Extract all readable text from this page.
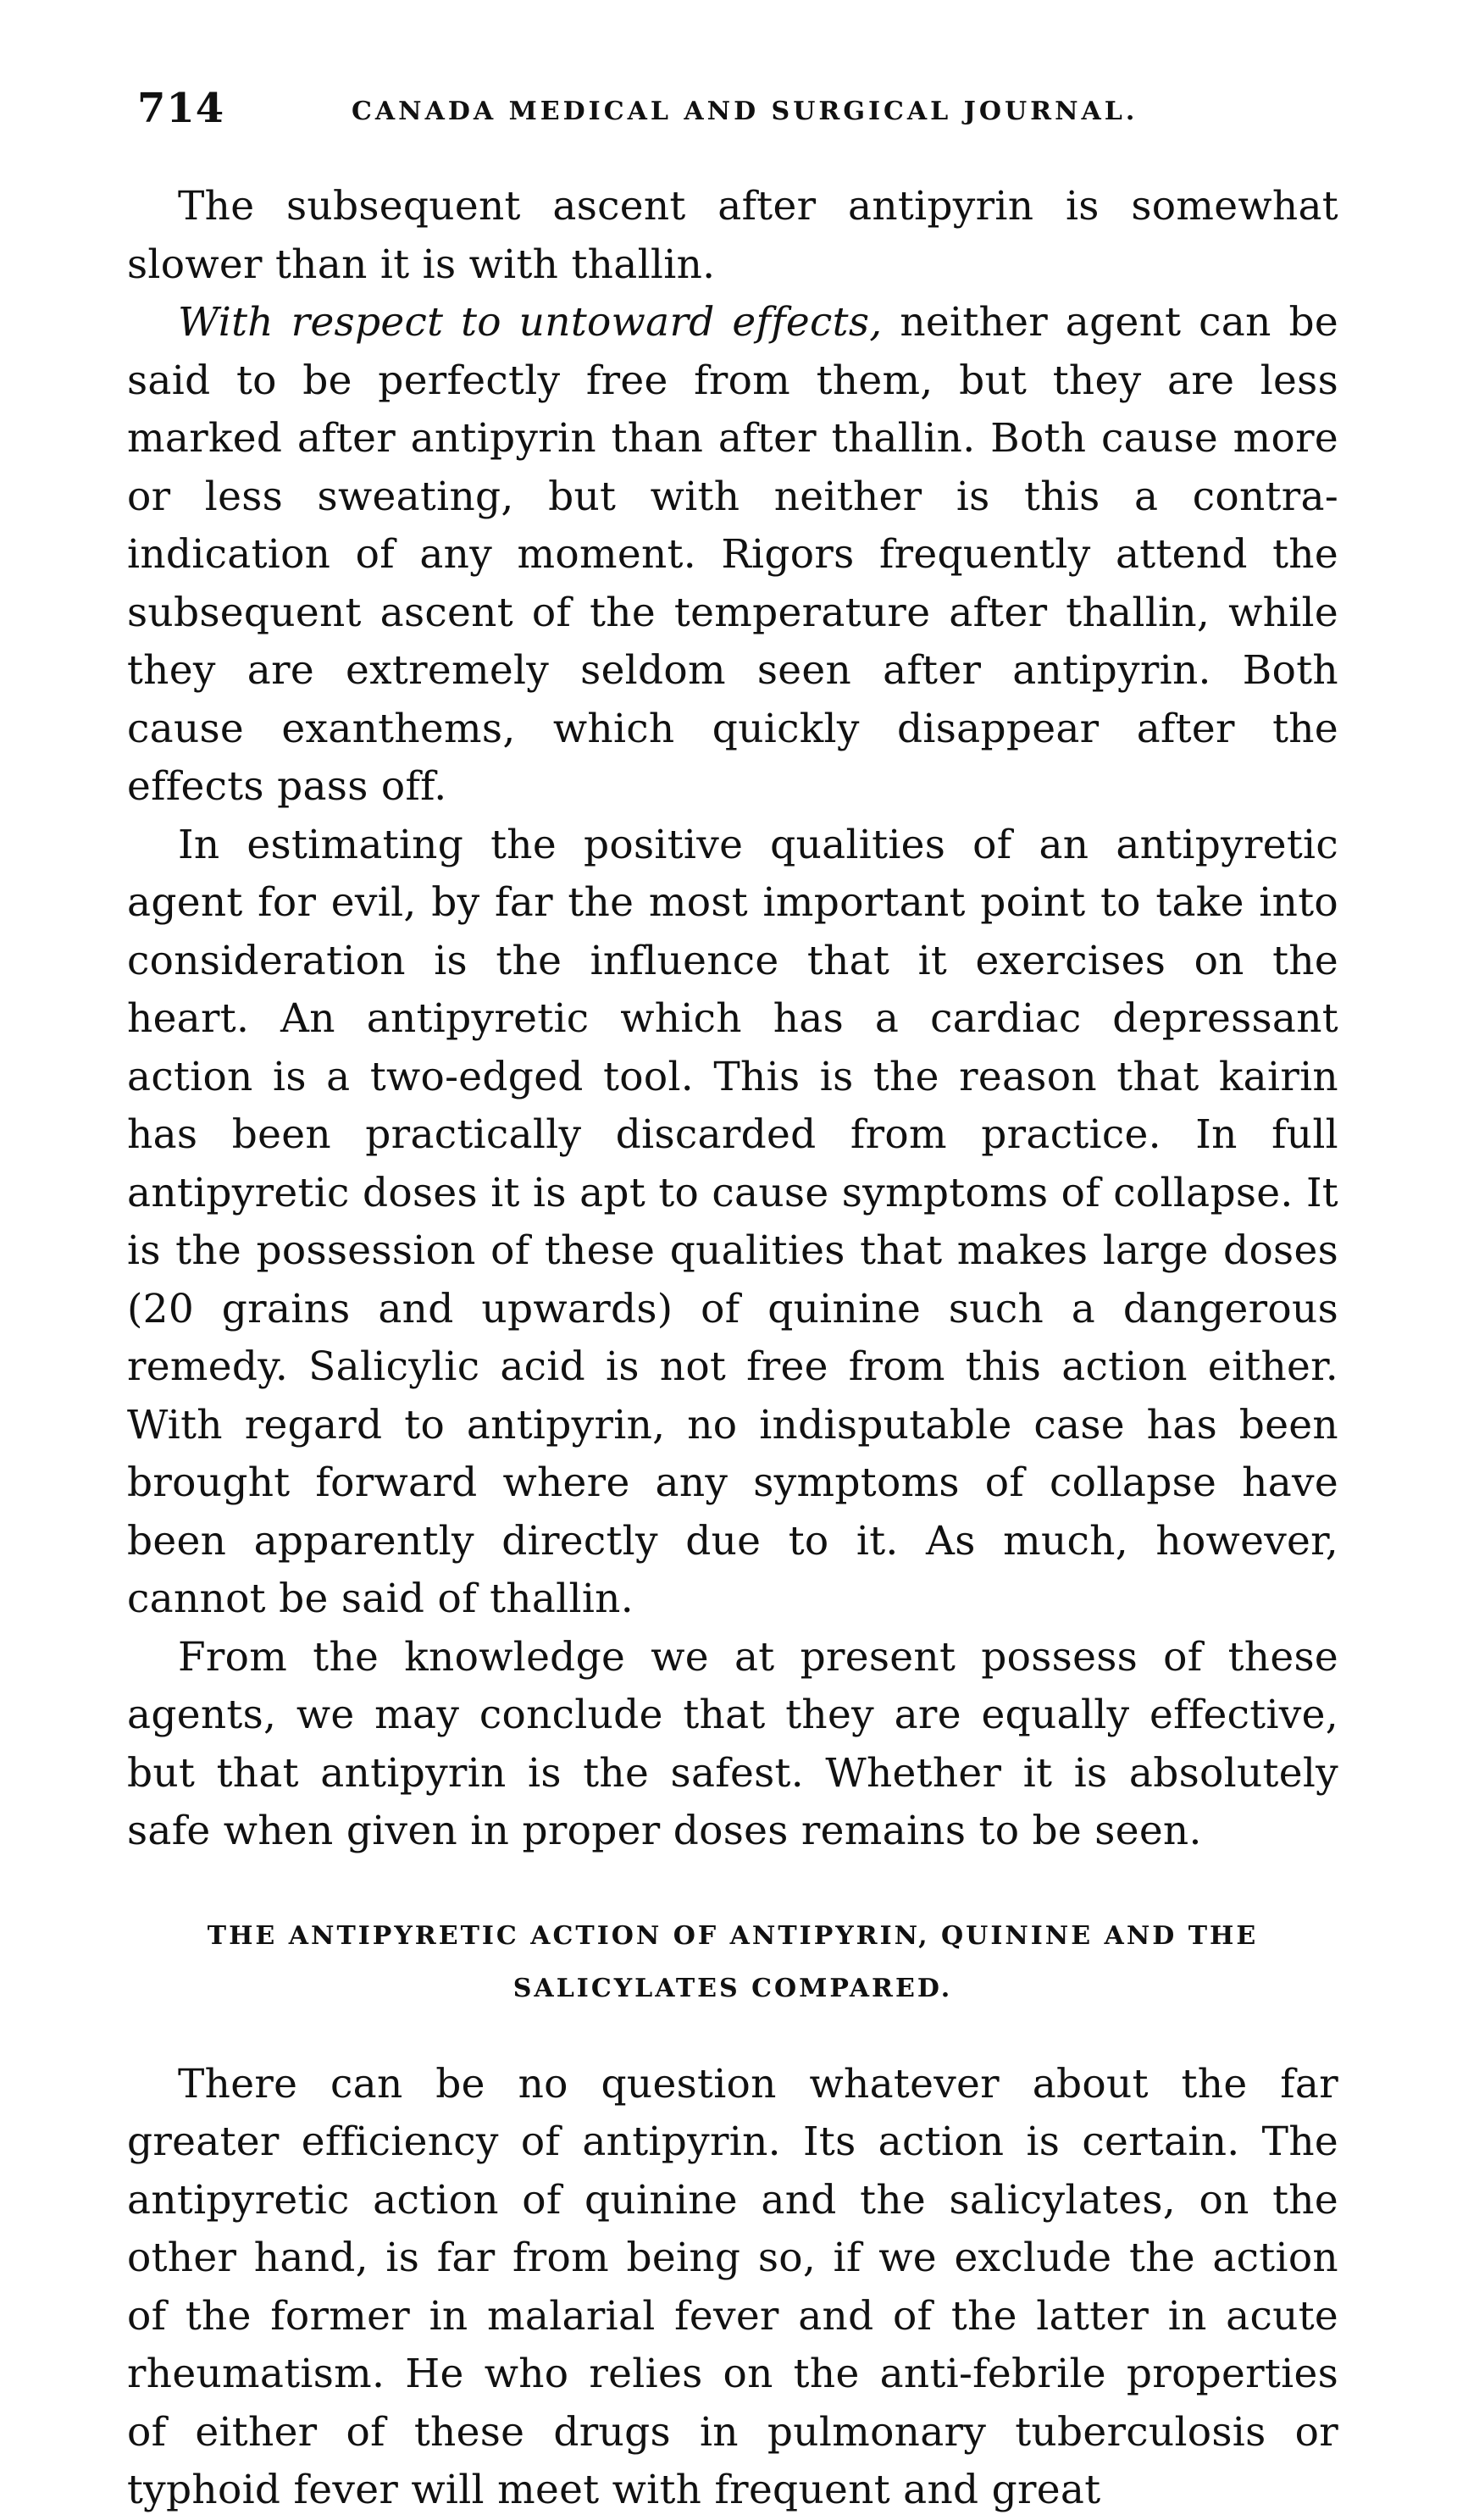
714	CANADA MEDICAL AND SURGICAL JOURNAL.

The subsequent ascent after antipyrin is somewhat slower than it is with thallin.

With respect to untoward effects, neither agent can be said to be perfectly free from them, but they are less marked after antipyrin than after thallin. Both cause more or less sweating, but with neither is this a contra-indication of any moment. Rigors frequently attend the subsequent ascent of the temperature after thallin, while they are extremely seldom seen after antipyrin. Both cause exanthems, which quickly disappear after the effects pass off.

In estimating the positive qualities of an antipyretic agent for evil, by far the most important point to take into consideration is the influence that it exercises on the heart. An antipyretic which has a cardiac depressant action is a two-edged tool. This is the reason that kairin has been practically discarded from practice. In full antipyretic doses it is apt to cause symptoms of collapse. It is the possession of these qualities that makes large doses (20 grains and upwards) of quinine such a dangerous remedy. Salicylic acid is not free from this action either. With regard to antipyrin, no indisputable case has been brought forward where any symptoms of collapse have been apparently directly due to it. As much, however, cannot be said of thallin.

From the knowledge we at present possess of these agents, we may conclude that they are equally effective, but that antipyrin is the safest. Whether it is absolutely safe when given in proper doses remains to be seen.

THE ANTIPYRETIC ACTION OF ANTIPYRIN, QUININE AND THE SALICYLATES COMPARED.

There can be no question whatever about the far greater efficiency of antipyrin. Its action is certain. The antipyretic action of quinine and the salicylates, on the other hand, is far from being so, if we exclude the action of the former in malarial fever and of the latter in acute rheumatism. He who relies on the anti-febrile properties of either of these drugs in pulmonary tuberculosis or typhoid fever will meet with frequent and great
